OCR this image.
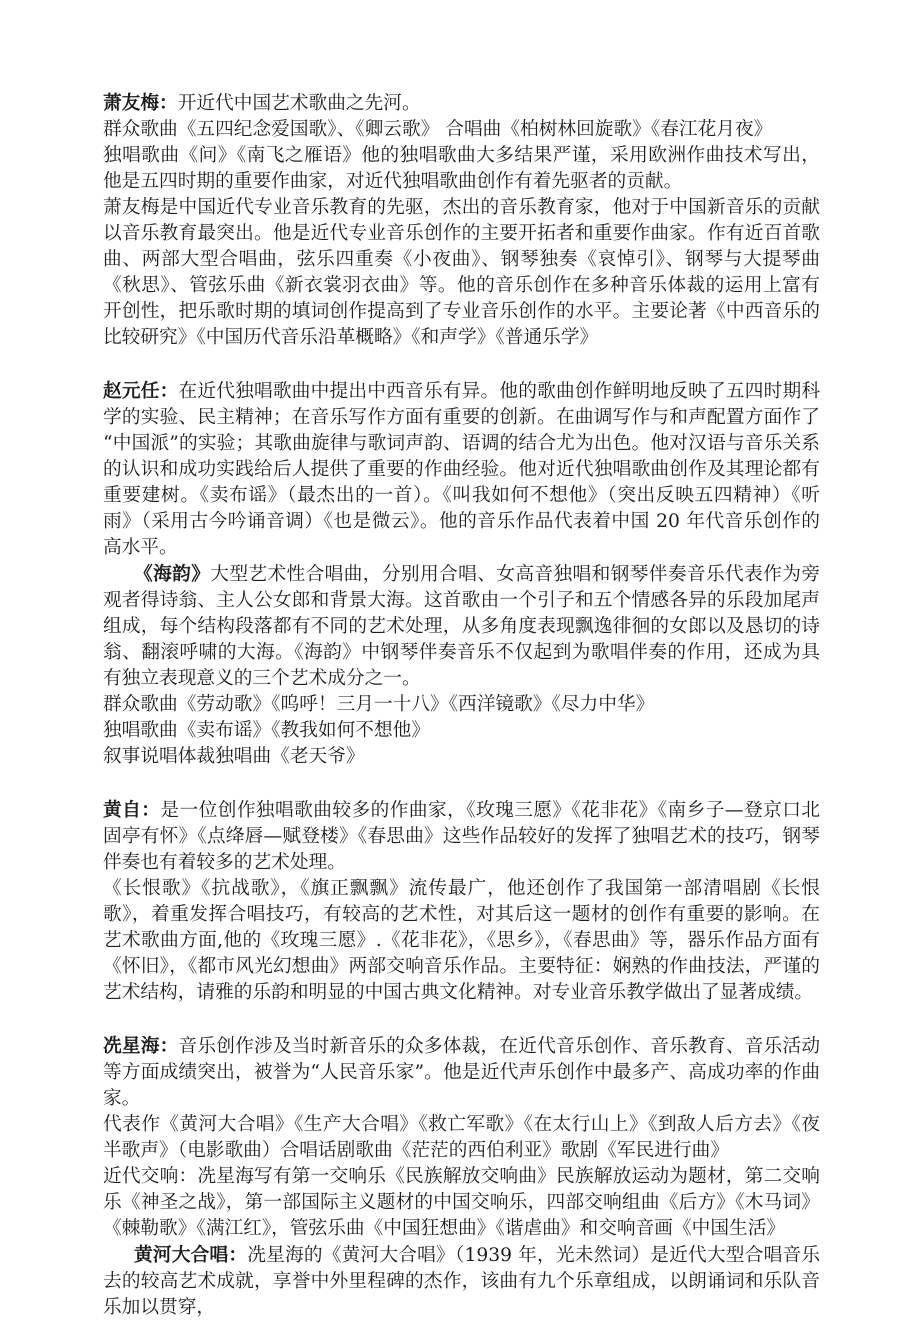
萧友梅：开近代中国艺术歌曲之先河。

群众歌曲《五四纪念爱国歌》、《卿云歌》 合唱曲《柏树林回旋歌》《春江花月夜》

独唱歌曲《问》《南飞之雁语》他的独唱歌曲大多结果严谨，采用欧洲作曲技术写出，他是五四时期的重要作曲家，对近代独唱歌曲创作有着先驱者的贡献。

萧友梅是中国近代专业音乐教育的先驱，杰出的音乐教育家，他对于中国新音乐的贡献以音乐教育最突出。他是近代专业音乐创作的主要开拓者和重要作曲家。作有近百首歌曲、两部大型合唱曲，弦乐四重奏《小夜曲》、钢琴独奏《哀悼引》、钢琴与大提琴曲《秋思》、管弦乐曲《新衣裳羽衣曲》等。他的音乐创作在多种音乐体裁的运用上富有开创性，把乐歌时期的填词创作提高到了专业音乐创作的水平。主要论著《中西音乐的比较研究》《中国历代音乐沿革概略》《和声学》《普通乐学》

赵元任：在近代独唱歌曲中提出中西音乐有异。他的歌曲创作鲜明地反映了五四时期科学的实验、民主精神；在音乐写作方面有重要的创新。在曲调写作与和声配置方面作了“中国派”的实验；其歌曲旋律与歌词声韵、语调的结合尤为出色。他对汉语与音乐关系的认识和成功实践给后人提供了重要的作曲经验。他对近代独唱歌曲创作及其理论都有重要建树。《卖布谣》（最杰出的一首）。《叫我如何不想他》（突出反映五四精神）《听雨》（采用古今吟诵音调）《也是微云》。他的音乐作品代表着中国 20 年代音乐创作的高水平。

《海韵》大型艺术性合唱曲，分别用合唱、女高音独唱和钢琴伴奏音乐代表作为旁观者得诗翁、主人公女郎和背景大海。这首歌由一个引子和五个情感各异的乐段加尾声组成，每个结构段落都有不同的艺术处理，从多角度表现飘逸徘徊的女郎以及恳切的诗翁、翻滚呼啸的大海。《海韵》中钢琴伴奏音乐不仅起到为歌唱伴奏的作用，还成为具有独立表现意义的三个艺术成分之一。

群众歌曲《劳动歌》《呜呼！三月一十八》《西洋镜歌》《尽力中华》

独唱歌曲《卖布谣》《教我如何不想他》

叙事说唱体裁独唱曲《老天爷》

黄自：是一位创作独唱歌曲较多的作曲家，《玫瑰三愿》《花非花》《南乡子—登京口北固亭有怀》《点绛唇—赋登楼》《春思曲》这些作品较好的发挥了独唱艺术的技巧，钢琴伴奏也有着较多的艺术处理。

《长恨歌》《抗战歌》，《旗正飘飘》流传最广，他还创作了我国第一部清唱剧《长恨歌》，着重发挥合唱技巧，有较高的艺术性，对其后这一题材的创作有重要的影响。在艺术歌曲方面,他的《玫瑰三愿》.《花非花》，《思乡》，《春思曲》等，器乐作品方面有《怀旧》，《都市风光幻想曲》两部交响音乐作品。主要特征：娴熟的作曲技法，严谨的艺术结构，请雅的乐韵和明显的中国古典文化精神。对专业音乐教学做出了显著成绩。

冼星海：音乐创作涉及当时新音乐的众多体裁，在近代音乐创作、音乐教育、音乐活动等方面成绩突出，被誉为“人民音乐家”。他是近代声乐创作中最多产、高成功率的作曲家。

代表作《黄河大合唱》《生产大合唱》《救亡军歌》《在太行山上》《到敌人后方去》《夜半歌声》（电影歌曲）合唱话剧歌曲《茫茫的西伯利亚》歌剧《军民进行曲》

近代交响：冼星海写有第一交响乐《民族解放交响曲》民族解放运动为题材，第二交响乐《神圣之战》，第一部国际主义题材的中国交响乐，四部交响组曲《后方》《木马词》《棘勒歌》《满江红》，管弦乐曲《中国狂想曲》《谐虐曲》和交响音画《中国生活》

黄河大合唱：冼星海的《黄河大合唱》（1939 年，光未然词）是近代大型合唱音乐去的较高艺术成就，享誉中外里程碑的杰作，该曲有九个乐章组成，以朗诵词和乐队音乐加以贯穿，
